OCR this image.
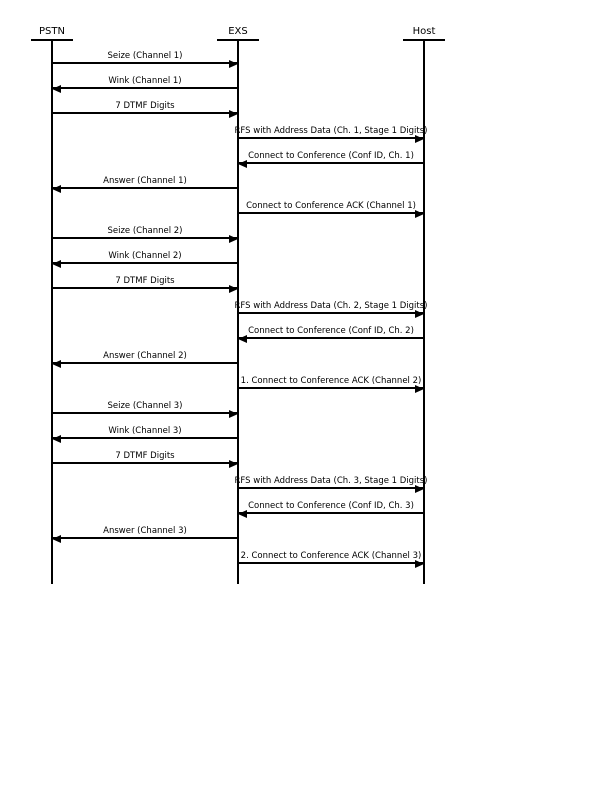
PSTN	EXS	Host
Seize (Channel 1)
Wink (Channel 1)
7 DTMF Digits
RFS with Address Data (Ch. 1, Stage 1 Digits)
Connect to Conference (Conf ID, Ch. 1)
Answer (Channel 1)
Connect to Conference ACK (Channel 1)
Seize (Channel 2)
Wink (Channel 2)
7 DTMF Digits
RFS with Address Data (Ch. 2, Stage 1 Digits)
Connect to Conference (Conf ID, Ch. 2)
Answer (Channel 2)
1. Connect to Conference ACK (Channel 2)
Seize (Channel 3)
Wink (Channel 3)
7 DTMF Digits
RFS with Address Data (Ch. 3, Stage 1 Digits)
Connect to Conference (Conf ID, Ch. 3)
Answer (Channel 3)
2. Connect to Conference ACK (Channel 3)
